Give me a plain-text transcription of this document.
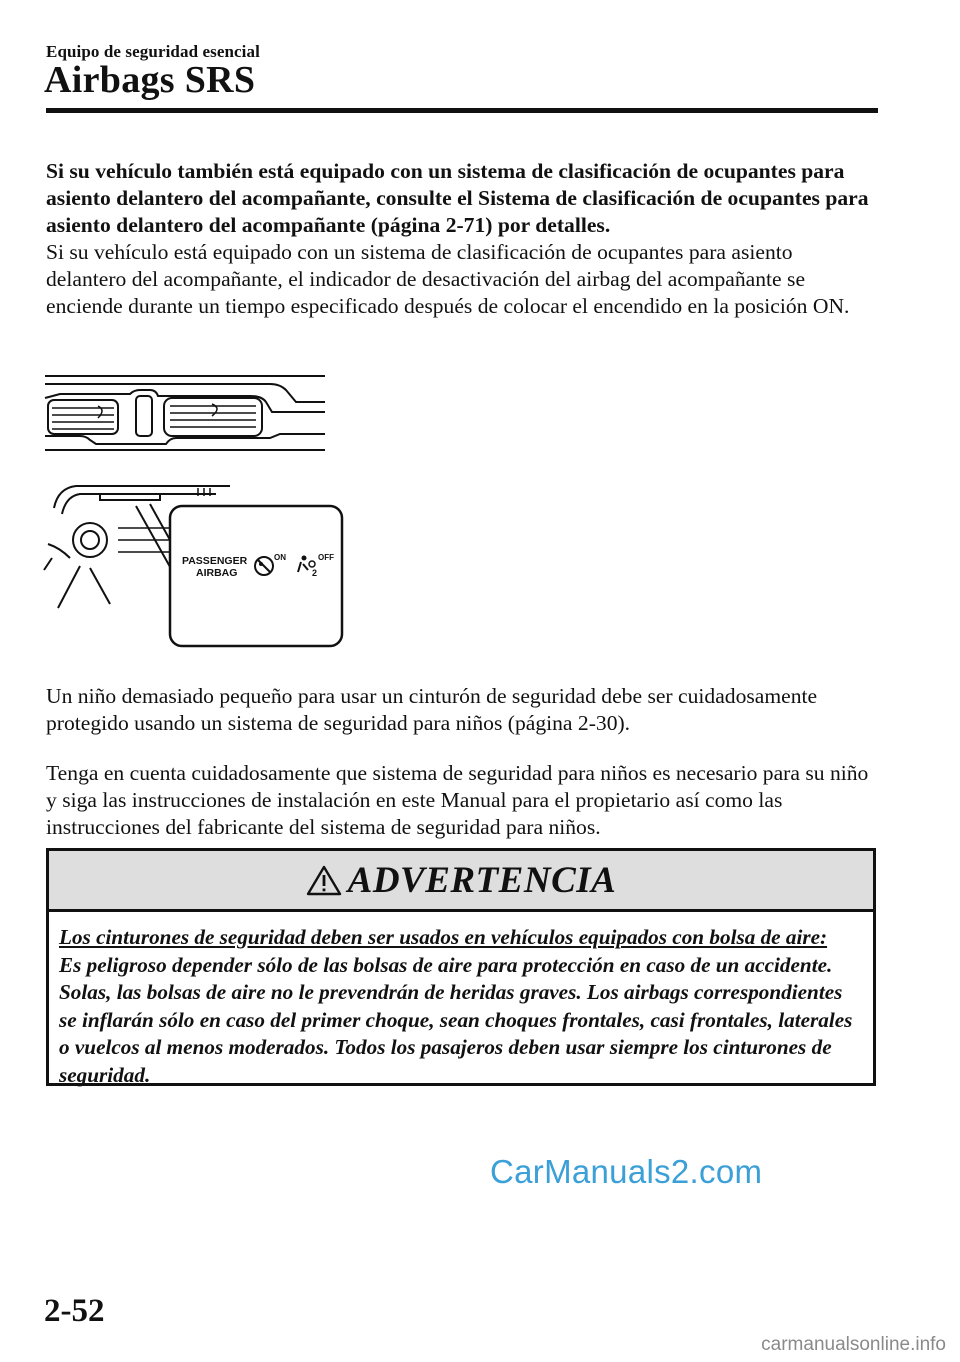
Equipo de seguridad esencial
Airbags SRS

Si su vehículo también está equipado con un sistema de clasificación de ocupantes para asiento delantero del acompañante, consulte el Sistema de clasificación de ocupantes para asiento delantero del acompañante (página 2-71) por detalles.

Si su vehículo está equipado con un sistema de clasificación de ocupantes para asiento delantero del acompañante, el indicador de desactivación del airbag del acompañante se enciende durante un tiempo especificado después de colocar el encendido en la posición ON.

PASSENGER
AIRBAG
ON	OFF
2

Un niño demasiado pequeño para usar un cinturón de seguridad debe ser cuidadosamente protegido usando un sistema de seguridad para niños (página 2-30).

Tenga en cuenta cuidadosamente que sistema de seguridad para niños es necesario para su niño y siga las instrucciones de instalación en este Manual para el propietario así como las instrucciones del fabricante del sistema de seguridad para niños.

ADVERTENCIA
Los cinturones de seguridad deben ser usados en vehículos equipados con bolsa de aire:
Es peligroso depender sólo de las bolsas de aire para protección en caso de un accidente. Solas, las bolsas de aire no le prevendrán de heridas graves. Los airbags correspondientes se inflarán sólo en caso del primer choque, sean choques frontales, casi frontales, laterales o vuelcos al menos moderados. Todos los pasajeros deben usar siempre los cinturones de seguridad.
CarManuals2.com
2-52
carmanualsonline.info
